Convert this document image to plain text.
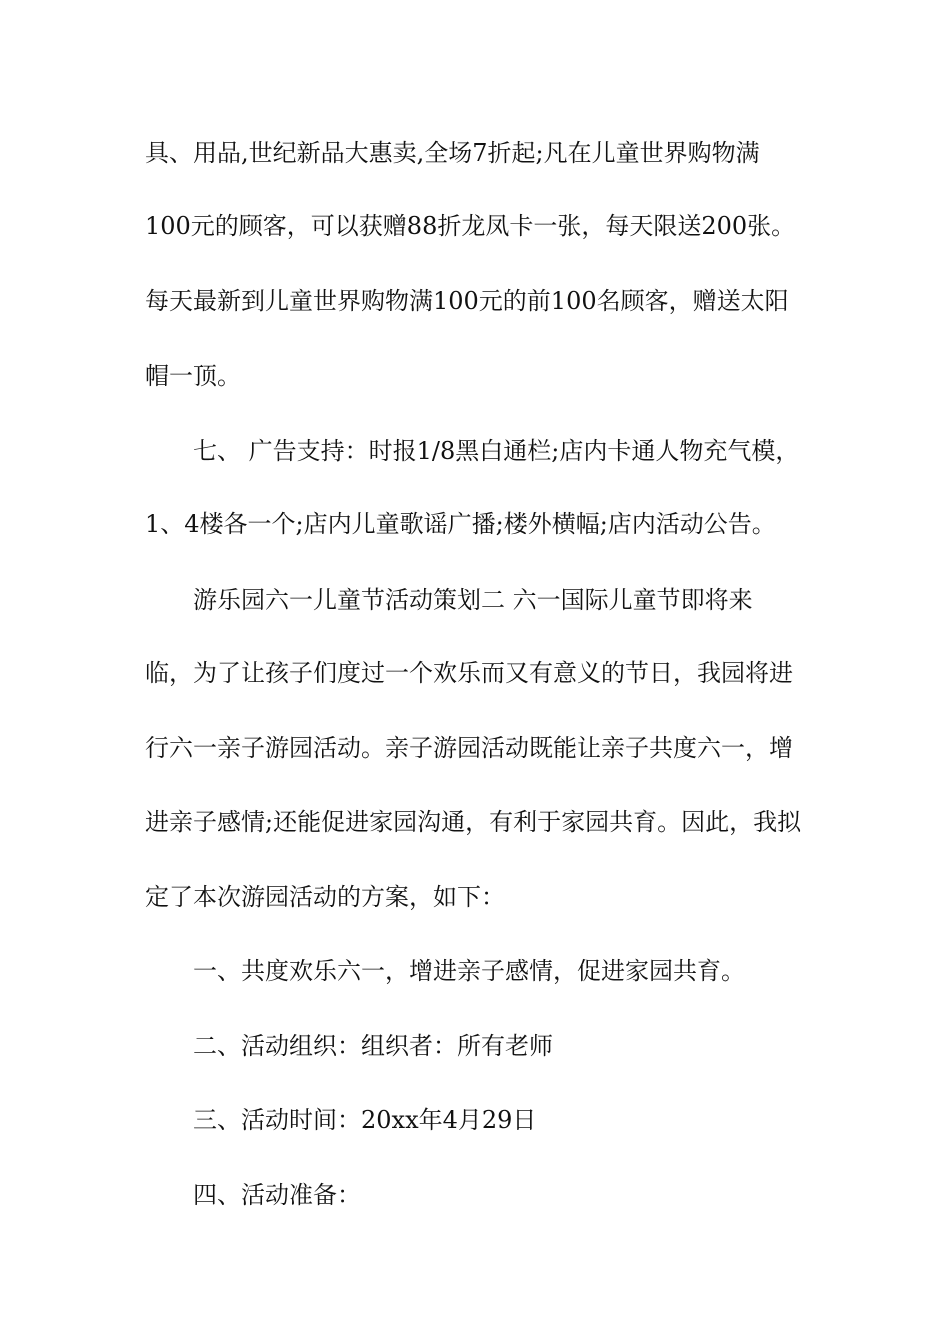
具、用品,世纪新品大惠卖,全场7折起;凡在儿童世界购物满
100元的顾客，可以获赠88折龙凤卡一张，每天限送200张。
每天最新到儿童世界购物满100元的前100名顾客，赠送太阳
帽一顶。
七、 广告支持：时报1/8黑白通栏;店内卡通人物充气模，
1、4楼各一个;店内儿童歌谣广播;楼外横幅;店内活动公告。
游乐园六一儿童节活动策划二 六一国际儿童节即将来
临，为了让孩子们度过一个欢乐而又有意义的节日，我园将进
行六一亲子游园活动。亲子游园活动既能让亲子共度六一，增
进亲子感情;还能促进家园沟通，有利于家园共育。因此，我拟
定了本次游园活动的方案，如下：
一、共度欢乐六一，增进亲子感情，促进家园共育。
二、活动组织：组织者：所有老师
三、活动时间：20xx年4月29日
四、活动准备：
